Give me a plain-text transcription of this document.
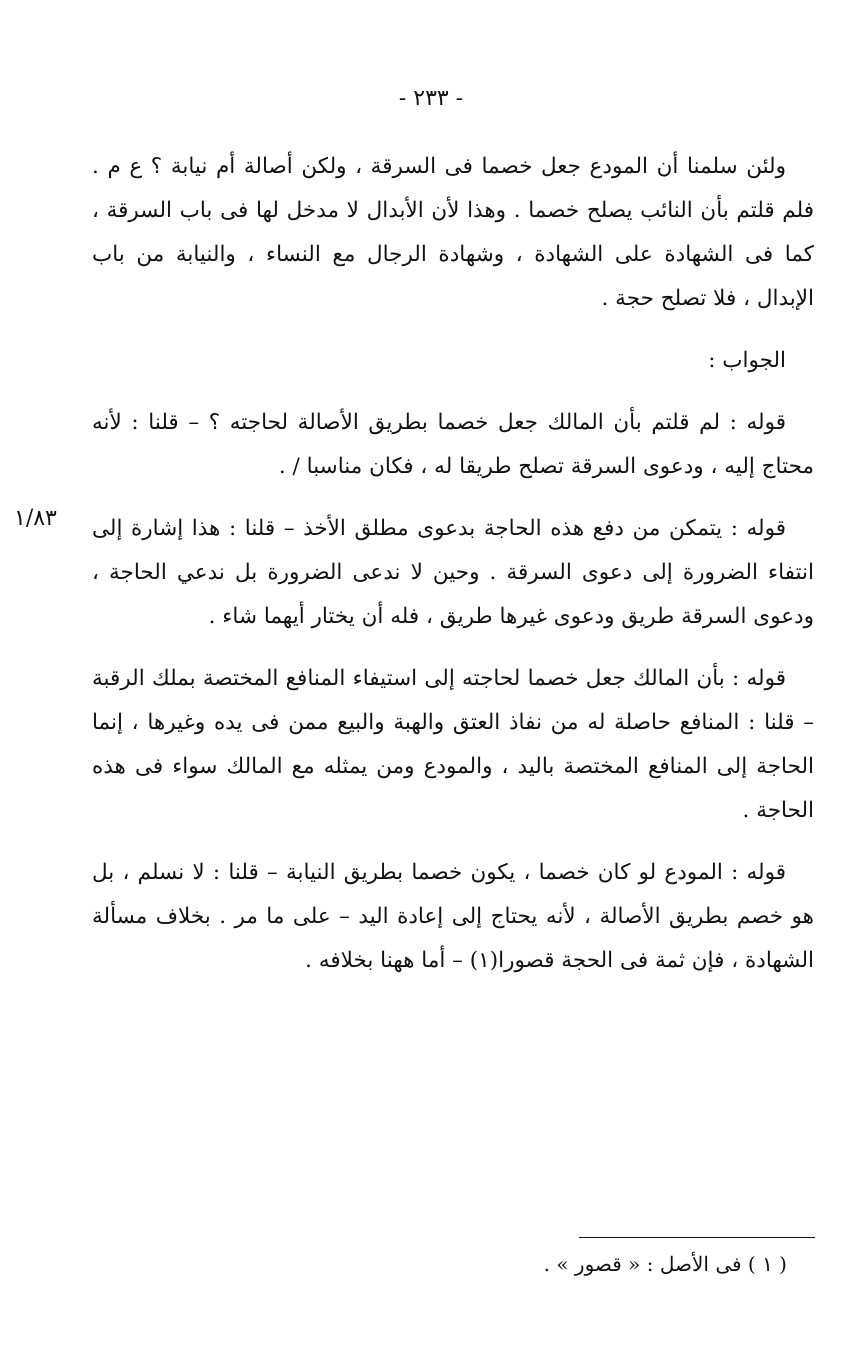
- ٢٣٣ -
١/٨٣

ولئن سلمنا أن المودع جعل خصما فى السرقة ، ولكن أصالة أم نيابة ؟ ع م . فلم قلتم بأن النائب يصلح خصما . وهذا لأن الأبدال لا مدخل لها فى باب السرقة ، كما فى الشهادة على الشهادة ، وشهادة الرجال مع النساء ، والنيابة من باب الإبدال ، فلا تصلح حجة .

الجواب :

قوله : لم قلتم بأن المالك جعل خصما بطريق الأصالة لحاجته ؟ – قلنا : لأنه محتاج إليه ، ودعوى السرقة تصلح طريقا له ، فكان مناسبا / .

قوله : يتمكن من دفع هذه الحاجة بدعوى مطلق الأخذ – قلنا : هذا إشارة إلى انتفاء الضرورة إلى دعوى السرقة . وحين لا ندعى الضرورة بل ندعي الحاجة ، ودعوى السرقة طريق ودعوى غيرها طريق ، فله أن يختار أيهما شاء .

قوله : بأن المالك جعل خصما لحاجته إلى استيفاء المنافع المختصة بملك الرقبة – قلنا : المنافع حاصلة له من نفاذ العتق والهبة والبيع ممن فى يده وغيرها ، إنما الحاجة إلى المنافع المختصة باليد ، والمودع ومن يمثله مع المالك سواء فى هذه الحاجة .

قوله : المودع لو كان خصما ، يكون خصما بطريق النيابة – قلنا : لا نسلم ، بل هو خصم بطريق الأصالة ، لأنه يحتاج إلى إعادة اليد – على ما مر . بخلاف مسألة الشهادة ، فإن ثمة فى الحجة قصورا(١) – أما ههنا بخلافه .

( ١ ) فى الأصل : « قصور » .
